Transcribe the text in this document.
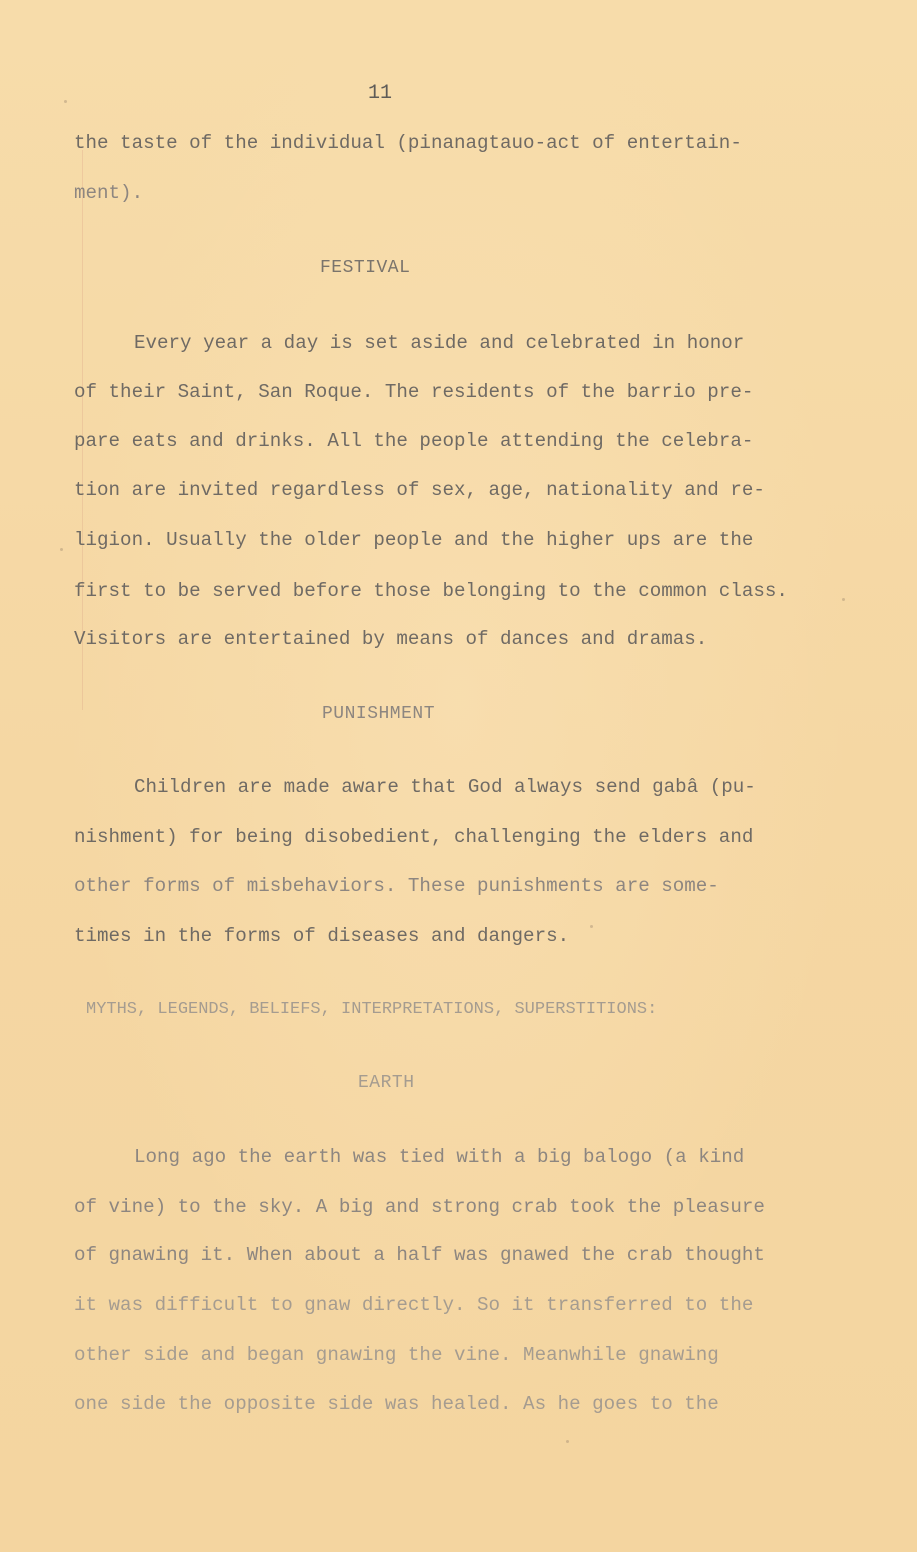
11
the taste of the individual (pinanagtauo-act of entertain-
ment).
FESTIVAL
Every year a day is set aside and celebrated in honor
of their Saint, San Roque. The residents of the barrio pre-
pare eats and drinks. All the people attending the celebra-
tion are invited regardless of sex, age, nationality and re-
ligion. Usually the older people and the higher ups are the
first to be served before those belonging to the common class.
Visitors are entertained by means of dances and dramas.
PUNISHMENT
Children are made aware that God always send gabâ (pu-
nishment) for being disobedient, challenging the elders and
other forms of misbehaviors. These punishments are some-
times in the forms of diseases and dangers.
MYTHS, LEGENDS, BELIEFS, INTERPRETATIONS, SUPERSTITIONS:
EARTH
Long ago the earth was tied with a big balogo (a kind
of vine) to the sky. A big and strong crab took the pleasure
of gnawing it. When about a half was gnawed the crab thought
it was difficult to gnaw directly. So it transferred to the
other side and began gnawing the vine. Meanwhile gnawing
one side the opposite side was healed. As he goes to the
